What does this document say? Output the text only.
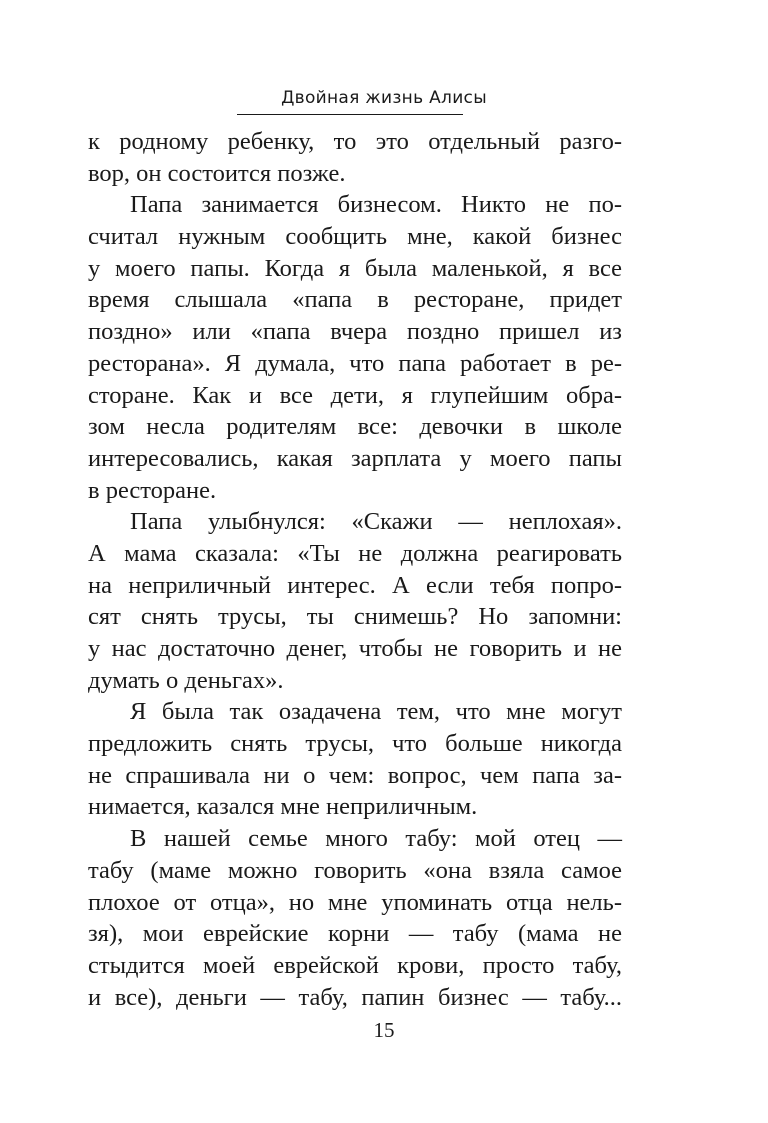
Двойная жизнь Алисы
к родному ребенку, то это отдельный разго-
вор, он состоится позже.
Папа занимается бизнесом. Никто не по-
считал нужным сообщить мне, какой бизнес
у моего папы. Когда я была маленькой, я все
время слышала «папа в ресторане, придет
поздно» или «папа вчера поздно пришел из
ресторана». Я думала, что папа работает в ре-
сторане. Как и все дети, я глупейшим обра-
зом несла родителям все: девочки в школе
интересовались, какая зарплата у моего папы
в ресторане.
Папа улыбнулся: «Скажи — неплохая».
А мама сказала: «Ты не должна реагировать
на неприличный интерес. А если тебя попро-
сят снять трусы, ты снимешь? Но запомни:
у нас достаточно денег, чтобы не говорить и не
думать о деньгах».
Я была так озадачена тем, что мне могут
предложить снять трусы, что больше никогда
не спрашивала ни о чем: вопрос, чем папа за-
нимается, казался мне неприличным.
В нашей семье много табу: мой отец —
табу (маме можно говорить «она взяла самое
плохое от отца», но мне упоминать отца нель-
зя), мои еврейские корни — табу (мама не
стыдится моей еврейской крови, просто табу,
и все), деньги — табу, папин бизнес — табу...
15
